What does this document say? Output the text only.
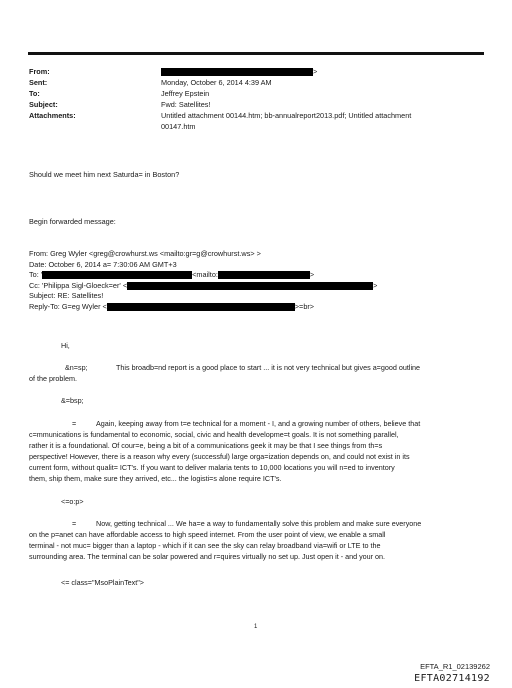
From:	>
Sent:	Monday, October 6, 2014 4:39 AM
To:	Jeffrey Epstein
Subject:	Fwd: Satellites!
Attachments:	Untitled attachment 00144.htm; bb-annualreport2013.pdf; Untitled attachment
00147.htm
Should we meet him next Saturda= in Boston?
Begin forwarded message:
From: Greg Wyler <greg@crowhurst.ws <mailto:gr=g@crowhurst.ws> >
Date: October 6, 2014 a= 7:30:06 AM GMT+3
To: '	<mailto:	>
Cc: 'Philippa Sigl-Gloeck=er' <	>
Subject: RE: Satellites!
Reply-To: G=eg Wyler <	>=br>
Hi,
&n=sp;	This broadb=nd report is a good place to start ... it is not very technical but gives a=good outline
of the problem.
&=bsp;
=	Again, keeping away from t=e technical for a moment - I, and a growing number of others, believe that
c=mmunications is fundamental to economic, social, civic and health developme=t goals. It is not something parallel,
rather it is a foundational. Of cour=e, being a bit of a communications geek it may be that I see things from th=s
perspective! However, there is a reason why every (successful) large orga=ization depends on, and could not exist in its
current form, without qualit= ICT's. If you want to deliver malaria tents to 10,000 locations you will n=ed to inventory
them, ship them, make sure they arrived, etc... the logisti=s alone require ICT's.
<=o:p>
=	Now, getting technical ... We ha=e a way to fundamentally solve this problem and make sure everyone
on the p=anet can have affordable access to high speed internet. From the user point of view, we enable a small
terminal - not muc= bigger than a laptop - which if it can see the sky can relay broadband via=wifi or LTE to the
surrounding area. The terminal can be solar powered and r=quires virtually no set up. Just open it - and your on.
<= class="MsoPlainText">
1
EFTA_R1_02139262
EFTA02714192
